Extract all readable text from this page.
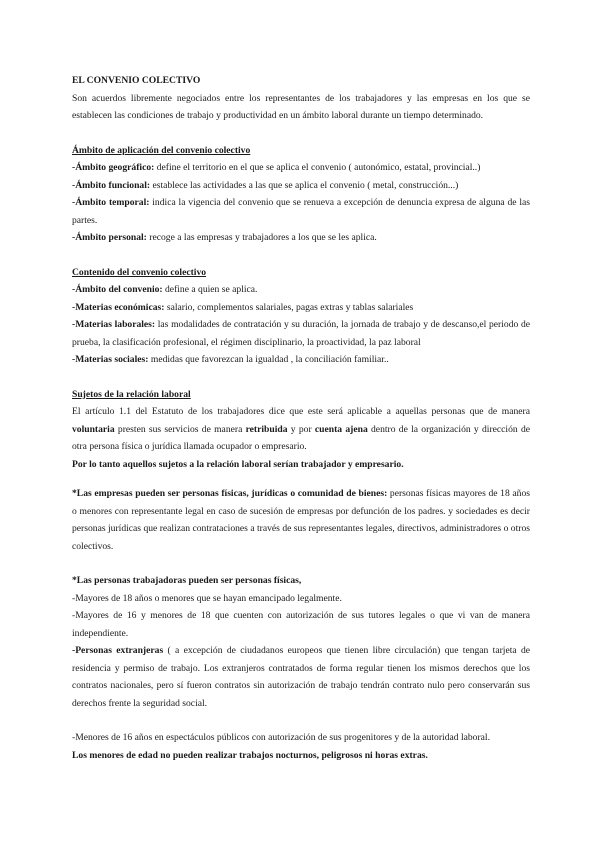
EL CONVENIO COLECTIVO

Son acuerdos libremente negociados entre los representantes de los trabajadores y las empresas en los que se establecen las condiciones de trabajo y productividad en un ámbito laboral durante un tiempo determinado.

Ámbito de aplicación del convenio colectivo

-Ámbito geográfico: define el territorio en el que se aplica el convenio ( autonómico, estatal, provincial..)

-Ámbito funcional: establece las actividades a las que se aplica el convenio ( metal, construcción...)

-Ámbito temporal: indica la vigencia del convenio que se renueva a excepción de denuncia expresa de alguna de las partes.

-Ámbito personal: recoge a las empresas y trabajadores a los que se les aplica.

Contenido del convenio colectivo

-Ámbito del convenio: define a quien se aplica.

-Materias económicas: salario, complementos salariales, pagas extras y tablas salariales

-Materias laborales: las modalidades de contratación y su duración, la jornada de trabajo y de descanso,el periodo de prueba, la clasificación profesional, el régimen disciplinario, la proactividad, la paz laboral

-Materias sociales: medidas que favorezcan la igualdad , la conciliación familiar..

Sujetos de la relación laboral

El artículo 1.1 del Estatuto de los trabajadores dice que este será aplicable a aquellas personas que de manera voluntaria presten sus servicios de manera retribuida y por cuenta ajena dentro de la organización y dirección de otra persona física o jurídica llamada ocupador o empresario.

Por lo tanto aquellos sujetos a la relación laboral serían trabajador y empresario.

*Las empresas pueden ser personas físicas, jurídicas o comunidad de bienes: personas físicas mayores de 18 años o menores con representante legal en caso de sucesión de empresas por defunción de los padres. y sociedades es decir personas jurídicas que realizan contrataciones a través de sus representantes legales, directivos, administradores o otros colectivos.

*Las personas trabajadoras pueden ser personas físicas,

-Mayores de 18 años o menores que se hayan emancipado legalmente.

-Mayores de 16 y menores de 18 que cuenten con autorización de sus tutores legales o que vi van de manera independiente.

-Personas extranjeras ( a excepción de ciudadanos europeos que tienen libre circulación) que tengan tarjeta de residencia y permiso de trabajo. Los extranjeros contratados de forma regular tienen los mismos derechos que los contratos nacionales, pero sí fueron contratos sin autorización de trabajo tendrán contrato nulo pero conservarán sus derechos frente la seguridad social.

-Menores de 16 años en espectáculos públicos con autorización de sus progenitores y de la autoridad laboral.

Los menores de edad no pueden realizar trabajos nocturnos, peligrosos ni horas extras.
